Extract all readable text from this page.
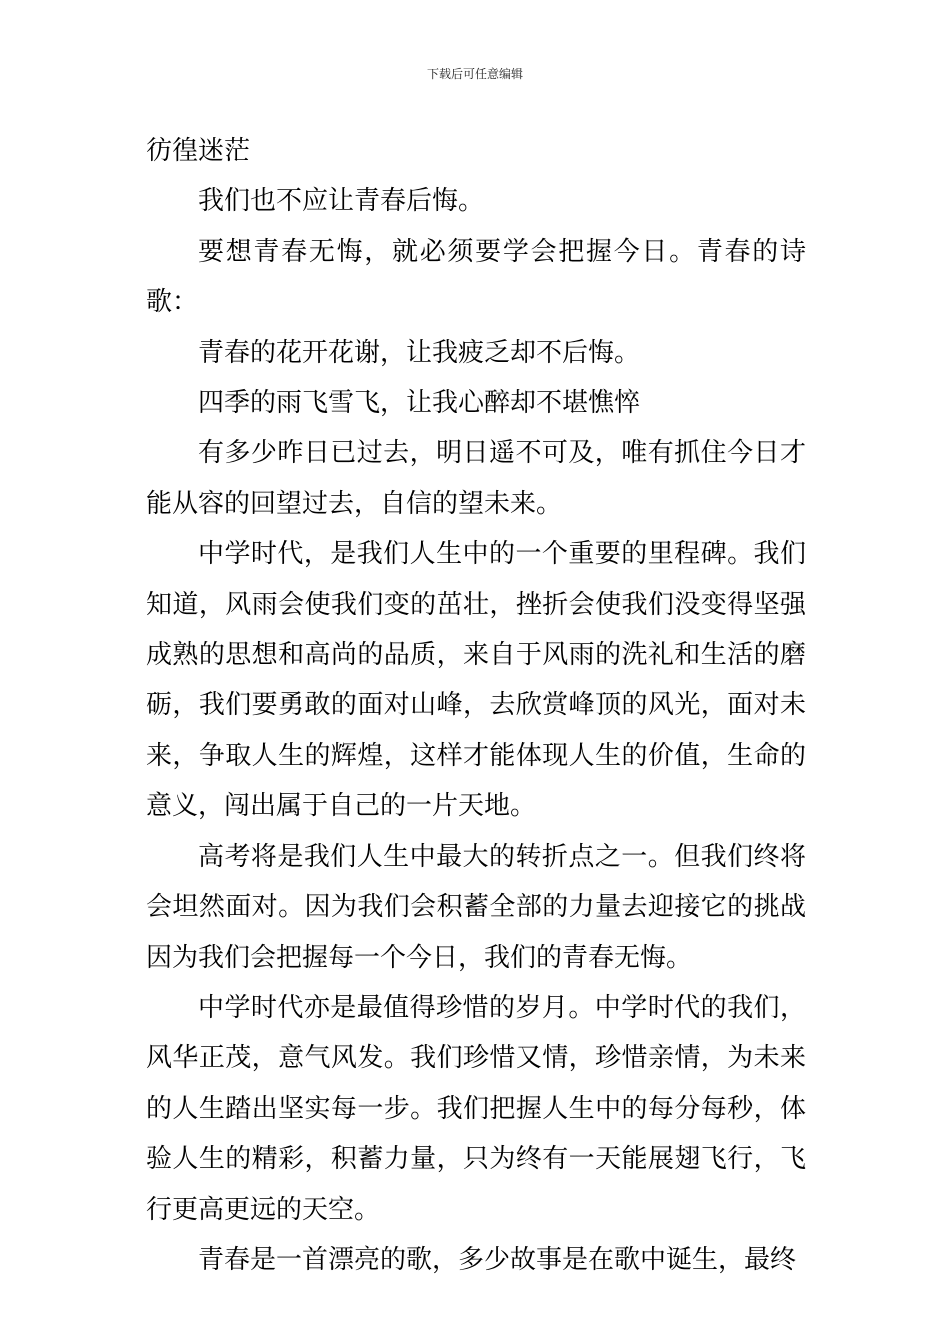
下载后可任意编辑

彷徨迷茫

我们也不应让青春后悔。

要想青春无悔，就必须要学会把握今日。青春的诗歌：

青春的花开花谢，让我疲乏却不后悔。

四季的雨飞雪飞，让我心醉却不堪憔悴

有多少昨日已过去，明日遥不可及，唯有抓住今日才能从容的回望过去，自信的望未来。

中学时代，是我们人生中的一个重要的里程碑。我们知道，风雨会使我们变的茁壮，挫折会使我们没变得坚强成熟的思想和高尚的品质，来自于风雨的洗礼和生活的磨砺，我们要勇敢的面对山峰，去欣赏峰顶的风光，面对未来，争取人生的辉煌，这样才能体现人生的价值，生命的意义，闯出属于自己的一片天地。

高考将是我们人生中最大的转折点之一。但我们终将会坦然面对。因为我们会积蓄全部的力量去迎接它的挑战因为我们会把握每一个今日，我们的青春无悔。

中学时代亦是最值得珍惜的岁月。中学时代的我们，风华正茂，意气风发。我们珍惜又情，珍惜亲情，为未来的人生踏出坚实每一步。我们把握人生中的每分每秒，体验人生的精彩，积蓄力量，只为终有一天能展翅飞行，飞行更高更远的天空。

青春是一首漂亮的歌，多少故事是在歌中诞生，最终
